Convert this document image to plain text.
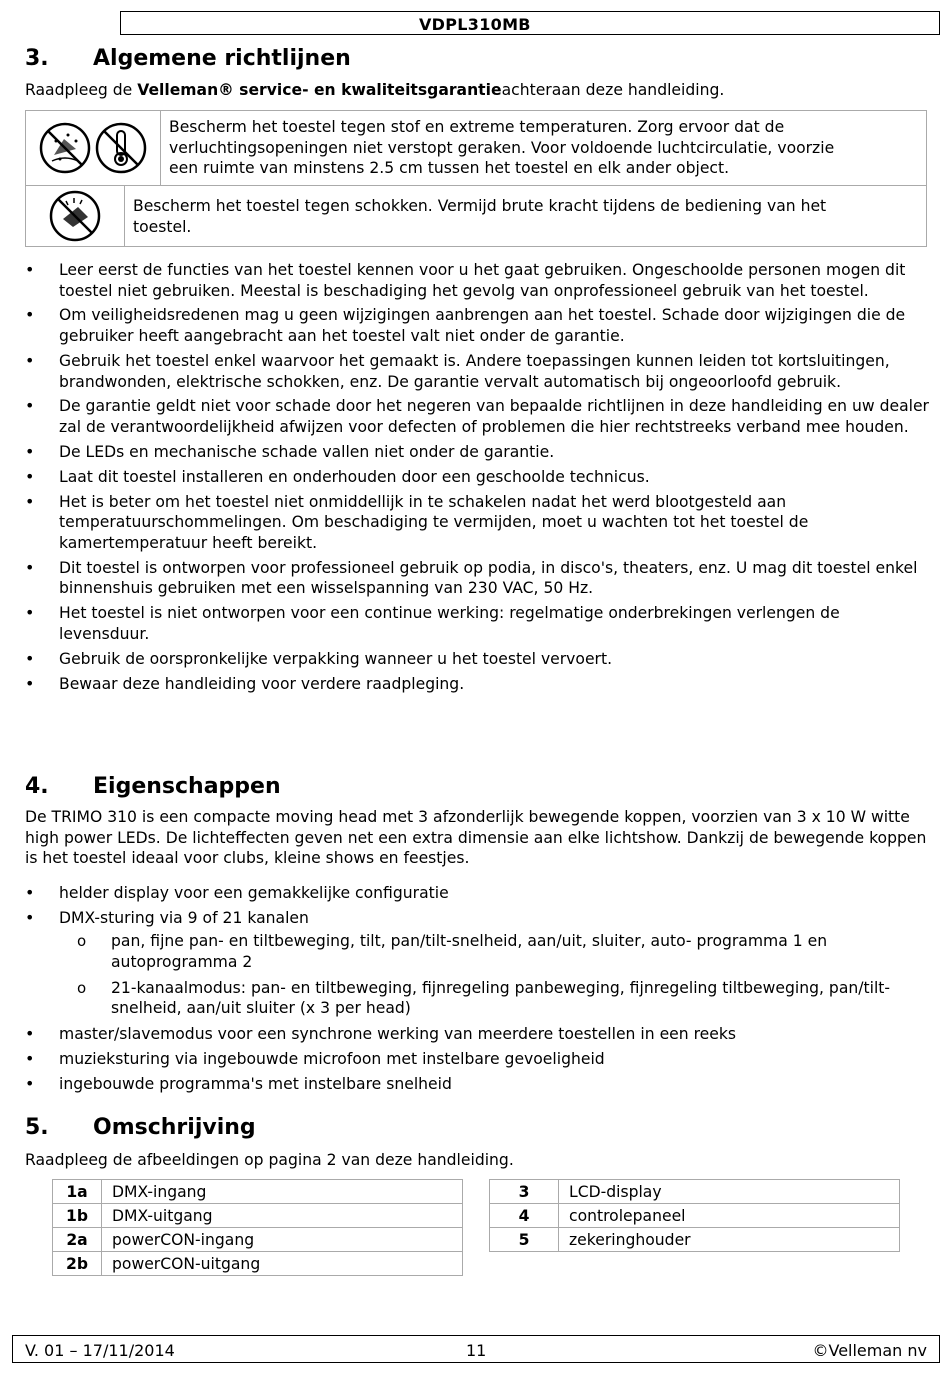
VDPL310MB
3. Algemene richtlijnen
Raadpleeg de Velleman® service- en kwaliteitsgarantieachteraan deze handleiding.
Bescherm het toestel tegen stof en extreme temperaturen. Zorg ervoor dat de
verluchtingsopeningen niet verstopt geraken. Voor voldoende luchtcirculatie, voorzie
een ruimte van minstens 2.5 cm tussen het toestel en elk ander object.
Bescherm het toestel tegen schokken. Vermijd brute kracht tijdens de bediening van het
toestel.
• Leer eerst de functies van het toestel kennen voor u het gaat gebruiken. Ongeschoolde personen mogen dit toestel niet gebruiken. Meestal is beschadiging het gevolg van onprofessioneel gebruik van het toestel.
• Om veiligheidsredenen mag u geen wijzigingen aanbrengen aan het toestel. Schade door wijzigingen die de gebruiker heeft aangebracht aan het toestel valt niet onder de garantie.
• Gebruik het toestel enkel waarvoor het gemaakt is. Andere toepassingen kunnen leiden tot kortsluitingen, brandwonden, elektrische schokken, enz. De garantie vervalt automatisch bij ongeoorloofd gebruik.
• De garantie geldt niet voor schade door het negeren van bepaalde richtlijnen in deze handleiding en uw dealer zal de verantwoordelijkheid afwijzen voor defecten of problemen die hier rechtstreeks verband mee houden.
• De LEDs en mechanische schade vallen niet onder de garantie.
• Laat dit toestel installeren en onderhouden door een geschoolde technicus.
• Het is beter om het toestel niet onmiddellijk in te schakelen nadat het werd blootgesteld aan temperatuurschommelingen. Om beschadiging te vermijden, moet u wachten tot het toestel de kamertemperatuur heeft bereikt.
• Dit toestel is ontworpen voor professioneel gebruik op podia, in disco's, theaters, enz. U mag dit toestel enkel binnenshuis gebruiken met een wisselspanning van 230 VAC, 50 Hz.
• Het toestel is niet ontworpen voor een continue werking: regelmatige onderbrekingen verlengen de levensduur.
• Gebruik de oorspronkelijke verpakking wanneer u het toestel vervoert.
• Bewaar deze handleiding voor verdere raadpleging.
4. Eigenschappen
De TRIMO 310 is een compacte moving head met 3 afzonderlijk bewegende koppen, voorzien van 3 x 10 W witte high power LEDs. De lichteffecten geven net een extra dimensie aan elke lichtshow. Dankzij de bewegende koppen is het toestel ideaal voor clubs, kleine shows en feestjes.
• helder display voor een gemakkelijke configuratie
• DMX-sturing via 9 of 21 kanalen
o pan, fijne pan- en tiltbeweging, tilt, pan/tilt-snelheid, aan/uit, sluiter, auto- programma 1 en autoprogramma 2
o 21-kanaalmodus: pan- en tiltbeweging, fijnregeling panbeweging, fijnregeling tiltbeweging, pan/tilt-snelheid, aan/uit sluiter (x 3 per head)
• master/slavemodus voor een synchrone werking van meerdere toestellen in een reeks
• muzieksturing via ingebouwde microfoon met instelbare gevoeligheid
• ingebouwde programma's met instelbare snelheid
5. Omschrijving
Raadpleeg de afbeeldingen op pagina 2 van deze handleiding.
1a	DMX-ingang
1b	DMX-uitgang
2a	powerCON-ingang
2b	powerCON-uitgang
3	LCD-display
4	controlepaneel
5	zekeringhouder
V. 01 – 17/11/2014	11	©Velleman nv
